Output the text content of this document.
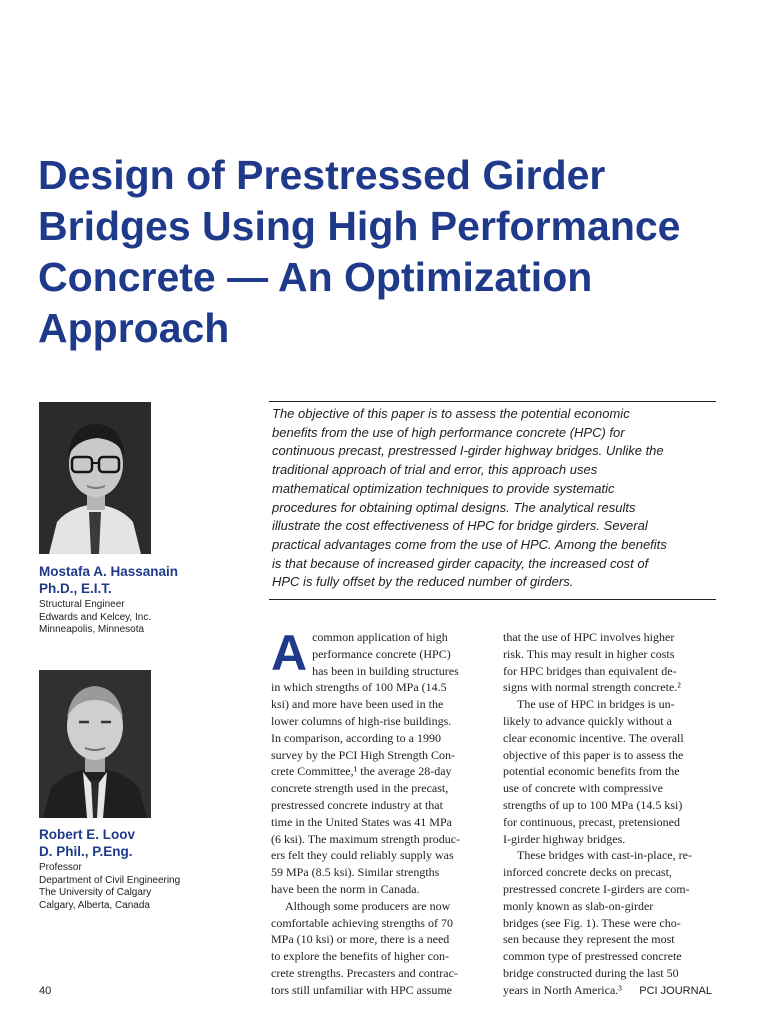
Design of Prestressed Girder
Bridges Using High Performance
Concrete — An Optimization
Approach
Mostafa A. Hassanain
Ph.D., E.I.T.
Structural Engineer
Edwards and Kelcey, Inc.
Minneapolis, Minnesota
Robert E. Loov
D. Phil., P.Eng.
Professor
Department of Civil Engineering
The University of Calgary
Calgary, Alberta, Canada
The objective of this paper is to assess the potential economic
benefits from the use of high performance concrete (HPC) for
continuous precast, prestressed I-girder highway bridges. Unlike the
traditional approach of trial and error, this approach uses
mathematical optimization techniques to provide systematic
procedures for obtaining optimal designs. The analytical results
illustrate the cost effectiveness of HPC for bridge girders. Several
practical advantages come from the use of HPC. Among the benefits
is that because of increased girder capacity, the increased cost of
HPC is fully offset by the reduced number of girders.
A common application of high
performance concrete (HPC)
has been in building structures
in which strengths of 100 MPa (14.5
ksi) and more have been used in the
lower columns of high-rise buildings.
In comparison, according to a 1990
survey by the PCI High Strength Con-
crete Committee,¹ the average 28-day
concrete strength used in the precast,
prestressed concrete industry at that
time in the United States was 41 MPa
(6 ksi). The maximum strength produc-
ers felt they could reliably supply was
59 MPa (8.5 ksi). Similar strengths
have been the norm in Canada.
Although some producers are now
comfortable achieving strengths of 70
MPa (10 ksi) or more, there is a need
to explore the benefits of higher con-
crete strengths. Precasters and contrac-
tors still unfamiliar with HPC assume
that the use of HPC involves higher
risk. This may result in higher costs
for HPC bridges than equivalent de-
signs with normal strength concrete.²
The use of HPC in bridges is un-
likely to advance quickly without a
clear economic incentive. The overall
objective of this paper is to assess the
potential economic benefits from the
use of concrete with compressive
strengths of up to 100 MPa (14.5 ksi)
for continuous, precast, pretensioned
I-girder highway bridges.
These bridges with cast-in-place, re-
inforced concrete decks on precast,
prestressed concrete I-girders are com-
monly known as slab-on-girder
bridges (see Fig. 1). These were cho-
sen because they represent the most
common type of prestressed concrete
bridge constructed during the last 50
years in North America.³
40	PCI JOURNAL
